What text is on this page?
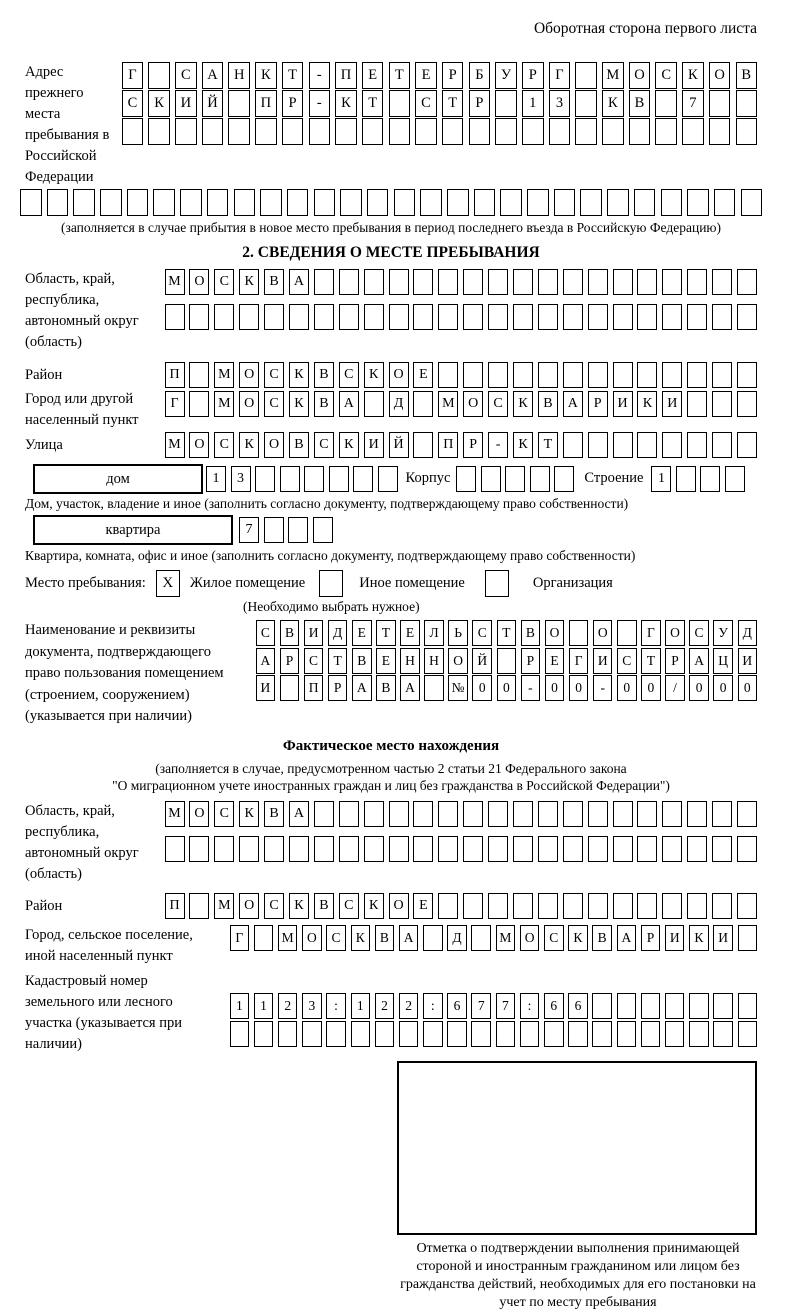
Оборотная сторона первого листа
Адрес прежнего места пребывания в Российской Федерации
Г	С	А	Н	К	Т	-	П	Е	Т	Е	Р	Б	У	Р	Г	М	О	С	К	О	В
С	К	И	Й	П	Р	-	К	Т	С	Т	Р	1	3	К	В	7
(заполняется в случае прибытия в новое место пребывания в период последнего въезда в Российскую Федерацию)
2. СВЕДЕНИЯ О МЕСТЕ ПРЕБЫВАНИЯ
Область, край, республика, автономный округ (область)
М О	С	К	В	А
Район	П	М О	С	К	В	С	К	О	Е
Город или другой населенный пункт
Г	М О	С	К	В	А	Д	М О	С	К	В	А	Р	И	К	И
Улица	М О	С	К	О	В	С	К	И	Й	П	Р	-	К	Т
дом	1	3	Корпус	Строение	1
Дом, участок, владение и иное (заполнить согласно документу, подтверждающему право собственности)
квартира	7
Квартира, комната, офис и иное (заполнить согласно документу, подтверждающему право собственности)
Место пребывания:	X	Жилое помещение	Иное помещение	Организация
(Необходимо выбрать нужное)
Наименование и реквизиты документа, подтверждающего право пользования помещением (строением, сооружением) (указывается при наличии)
С	В	И	Д	Е	Т	Е	Л	Ь	С	Т	В	О	О	Г	О	С	У	Д
А	Р	С	Т	В	Е	Н	Н	О	Й	Р	Е	Г	И	С	Т	Р	А	Ц	И
И	П	Р	А	В	А	№	0	0	-	0	0	-	0	0	/	0	0	0
Фактическое место нахождения
(заполняется в случае, предусмотренном частью 2 статьи 21 Федерального закона
"О миграционном учете иностранных граждан и лиц без гражданства в Российской Федерации")
Область, край, республика, автономный округ (область)
М О	С	К	В	А
Район	П	М О	С	К	В	С	К	О	Е
Город, сельское поселение, иной населенный пункт
Г	М О	С	К	В	А	Д	М О	С	К	В	А	Р	И	К	И
Кадастровый номер земельного или лесного участка (указывается при наличии)
1	1	2	3	:	1	2	2	:	6	7	7	:	6	6
Отметка о подтверждении выполнения принимающей стороной и иностранным гражданином или лицом без гражданства действий, необходимых для его постановки на учет по месту пребывания
